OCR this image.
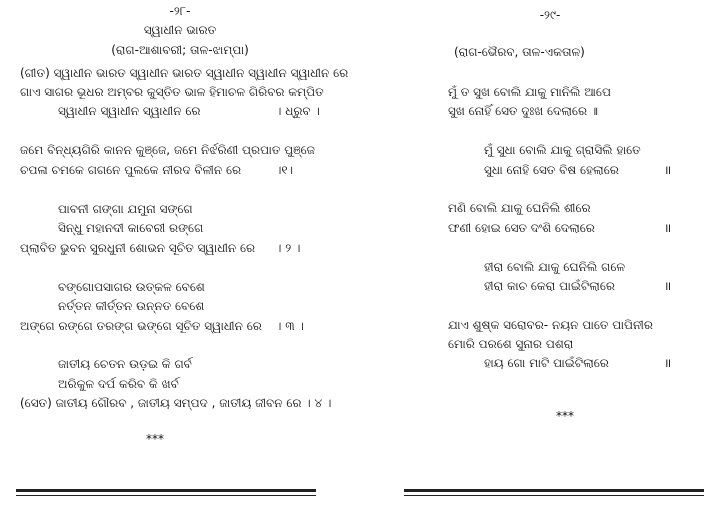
-୨୮-
ସ୍ୱାଧୀନ ଭାରତ
(ରାଗ-ଆଶାବରୀ; ତାଳ-ଝାମ୍ପା)
(ଗୀତ) ସ୍ୱାଧୀନ ଭାରତ ସ୍ୱାଧୀନ ଭାରତ ସ୍ୱାଧୀନ ସ୍ୱାଧୀନ ସ୍ୱାଧୀନ ରେ
ଗାଏ ସାଗର ଭୂଧର ଅମ୍ବର କୁସ୍ତିତ ଭାଳ ହିମାଚଳ ଗିରିବର କମ୍ପିତ
ସ୍ୱାଧୀନ ସ୍ୱାଧୀନ ସ୍ୱାଧୀନ ରେ	। ଧ୍ରୁବ ।
ଜମେ ବିନ୍ଧ୍ୟଗିରି କାନନ କୁଞ୍ଜେ, ଜମେ ନିର୍ଝରିଣୀ ପ୍ରପାତ ପୁଞ୍ଜେ
ଚପଳା ଚମକେ ଗଗନେ ପୁଲକେ ନୀରଦ ବିଳୀନ ରେ	।୧।
ପାବନୀ ଗଙ୍ଗା ଯମୁନା ସଙ୍ଗେ
ସିନ୍ଧୁ ମହାନଦୀ କାବେରୀ ରଙ୍ଗେ
ପ୍ଲାବିତ ଭୁବନ ସୁରଧୁନୀ ଶୋଭନ ସୂଚିତ ସ୍ୱାଧୀନ ରେ । ୨ ।
ବଙ୍ଗୋପସାଗର ଉତ୍କଳ ବେଶେ
ନର୍ତ୍ତନ କୀର୍ତ୍ତନ ଉନ୍ନତ ବେଶେ
ଅଙ୍ଗେ ରଙ୍ଗେ ତରଙ୍ଗ ଭଙ୍ଗେ ସୂଚିତ ସ୍ୱାଧୀନ ରେ । ୩ ।
ଜାତୀୟ ଚେତନ ଉଡ଼ଇ କି ଗର୍ବ
ଅରିକୁଳ ଦର୍ପ କରିବ କି ଖର୍ବ
(ସେତ) ଜାତୀୟ ଗୌରବ , ଜାତୀୟ ସମ୍ପଦ , ଜାତୀୟ ଜୀବନ ରେ । ୪ ।
***
-୨୯-
(ରାଗ-ଭୈରବ, ତାଳ-ଏକତାଳ)
ମୁଁ ତ ସୁଖ ବୋଲି ଯାକୁ ମାନିଲି ଆପେ
ସୁଖ ନୋହିଁ ସେତ ଦୁଃଖ ଦେଲାରେ ॥
ମୁଁ ସୁଧା ବୋଲି ଯାକୁ ଗ୍ରାସିଲି ହାତେ
ସୁଧା ନୋହି ସେତ ବିଷ ହେଲାରେ	॥
ମଣି ବୋଲି ଯାକୁ ଘେନିଲି ଶୀରେ
ଫଣୀ ହୋଇ ସେତ ଦଂଶି ଦେଲାରେ	॥
ହୀରା ବୋଲି ଯାକୁ ଘେନିଲି ଗଳେ
ହୀରା କାଚ କେରା ପାଇଁଟିଲାରେ	॥
ଯାଏ ଶୁଷ୍କ ସରୋବର- ନୟନ ପାତେ ପାପିନୀର
ମୋରି ପରଶେ ସୁନାର ପଶରା
ହାୟ ଗୋ ମାଟି ପାଇଁଟିଲାରେ	॥
***
